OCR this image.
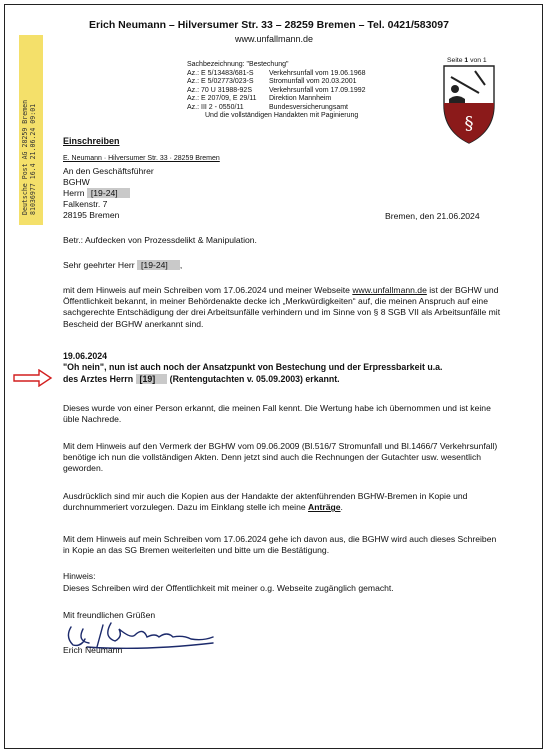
Erich Neumann – Hilversumer Str. 33 – 28259 Bremen – Tel. 0421/583097
www.unfallmann.de
Sachbezeichnung: "Bestechung"
Az.: E 5/13483/681-S Verkehrsunfall vom 19.06.1968
Az.: E 5/02773/023-S Stromunfall vom 20.03.2001
Az.: 70 U 31988-92S Verkehrsunfall vom 17.09.1992
Az.: E 207/09, E 29/11 Direktion Mannheim
Az.: III 2 - 0550/11	Bundesversicherungsamt
Und die vollständigen Handakten mit Paginierung
Seite 1 von 1
§
Deutsche Post AG 28259 Bremen 81036977 16.4 21.06.24 09:01	Einschreiben
E. Neumann · Hilversumer Str. 33 · 28259 Bremen
An den Geschäftsführer
BGHW
Herrn [19-24]
Falkenstr. 7
28195 Bremen	Bremen, den 21.06.2024
Betr.: Aufdecken von Prozessdelikt & Manipulation.
Sehr geehrter Herr [19-24] ,
mit dem Hinweis auf mein Schreiben vom 17.06.2024 und meiner Webseite www.unfallmann.de ist der BGHW und Öffentlichkeit bekannt, in meiner Behördenakte decke ich „Merkwürdigkeiten“ auf, die meinen Anspruch auf eine sachgerechte Entschädigung der drei Arbeitsunfälle verhindern und im Sinne von § 8 SGB VII als Arbeitsunfälle mit Bescheid der BGHW anerkannt sind.
19.06.2024
"Oh nein", nun ist auch noch der Ansatzpunkt von Bestechung und der Erpressbarkeit u.a.
des Arztes Herrn [19] (Rentengutachten v. 05.09.2003) erkannt.
Dieses wurde von einer Person erkannt, die meinen Fall kennt. Die Wertung habe ich übernommen und ist keine üble Nachrede.
Mit dem Hinweis auf den Vermerk der BGHW vom 09.06.2009 (Bl.516/7 Stromunfall und Bl.1466/7 Verkehrsunfall) benötige ich nun die vollständigen Akten. Denn jetzt sind auch die Rechnungen der Gutachter usw. wesentlich geworden.
Ausdrücklich sind mir auch die Kopien aus der Handakte der aktenführenden BGHW-Bremen in Kopie und durchnummeriert vorzulegen. Dazu im Einklang stelle ich meine Anträge.
Mit dem Hinweis auf mein Schreiben vom 17.06.2024 gehe ich davon aus, die BGHW wird auch dieses Schreiben in Kopie an das SG Bremen weiterleiten und bitte um die Bestätigung.
Hinweis:
Dieses Schreiben wird der Öffentlichkeit mit meiner o.g. Webseite zugänglich gemacht.
Mit freundlichen Grüßen
Erich Neumann
